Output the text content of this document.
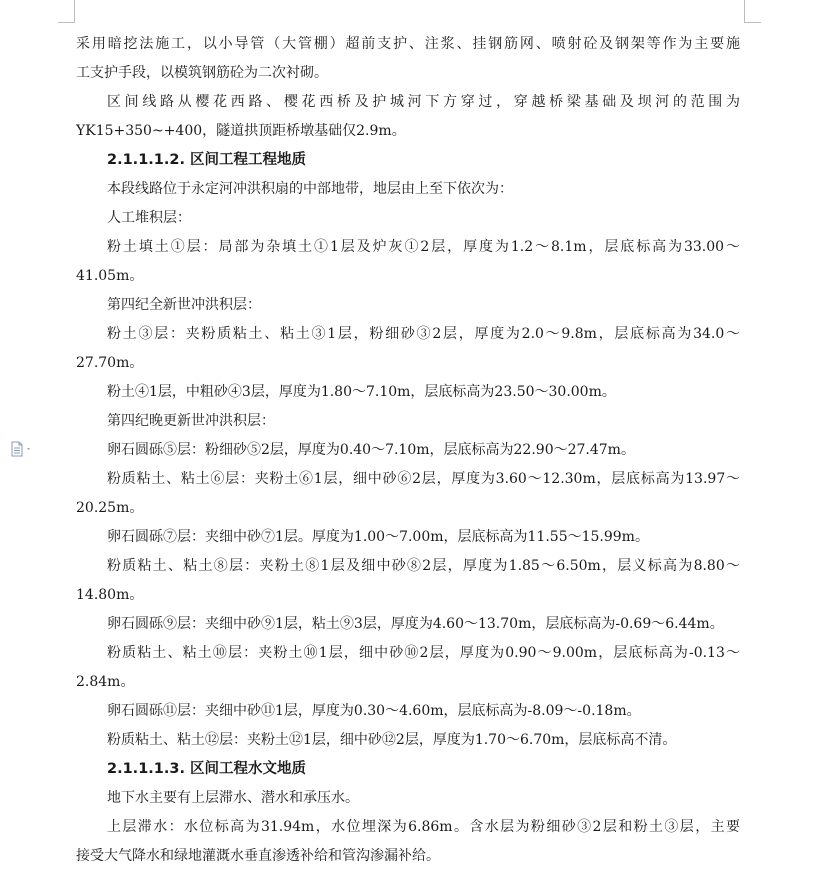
采用暗挖法施工，以小导管（大管棚）超前支护、注浆、挂钢筋网、喷射砼及钢架等作为主要施
工支护手段，以模筑钢筋砼为二次衬砌。
区间线路从樱花西路、樱花西桥及护城河下方穿过，穿越桥梁基础及坝河的范围为
YK15+350~+400，隧道拱顶距桥墩基础仅2.9m。
2.1.1.1.2. 区间工程工程地质
本段线路位于永定河冲洪积扇的中部地带，地层由上至下依次为：
人工堆积层：
粉土填土①层：局部为杂填土①1层及炉灰①2层，厚度为1.2～8.1m，层底标高为33.00～
41.05m。
第四纪全新世冲洪积层：
粉土③层：夹粉质粘土、粘土③1层，粉细砂③2层，厚度为2.0～9.8m，层底标高为34.0～
27.70m。
粉土④1层，中粗砂④3层，厚度为1.80～7.10m，层底标高为23.50～30.00m。
第四纪晚更新世冲洪积层：
卵石圆砾⑤层：粉细砂⑤2层，厚度为0.40～7.10m，层底标高为22.90～27.47m。
粉质粘土、粘土⑥层：夹粉土⑥1层，细中砂⑥2层，厚度为3.60～12.30m，层底标高为13.97～
20.25m。
卵石圆砾⑦层：夹细中砂⑦1层。厚度为1.00～7.00m，层底标高为11.55～15.99m。
粉质粘土、粘土⑧层：夹粉土⑧1层及细中砂⑧2层，厚度为1.85～6.50m，层义标高为8.80～
14.80m。
卵石圆砾⑨层：夹细中砂⑨1层，粘土⑨3层，厚度为4.60～13.70m，层底标高为-0.69～6.44m。
粉质粘土、粘土⑩层：夹粉土⑩1层，细中砂⑩2层，厚度为0.90～9.00m，层底标高为-0.13～
2.84m。
卵石圆砾⑪层：夹细中砂⑪1层，厚度为0.30～4.60m，层底标高为-8.09～-0.18m。
粉质粘土、粘土⑫层：夹粉土⑫1层，细中砂⑫2层，厚度为1.70～6.70m，层底标高不清。
2.1.1.1.3. 区间工程水文地质
地下水主要有上层滞水、潜水和承压水。
上层滞水：水位标高为31.94m，水位埋深为6.86m。含水层为粉细砂③2层和粉土③层，主要
接受大气降水和绿地灌溉水垂直渗透补给和管沟渗漏补给。
